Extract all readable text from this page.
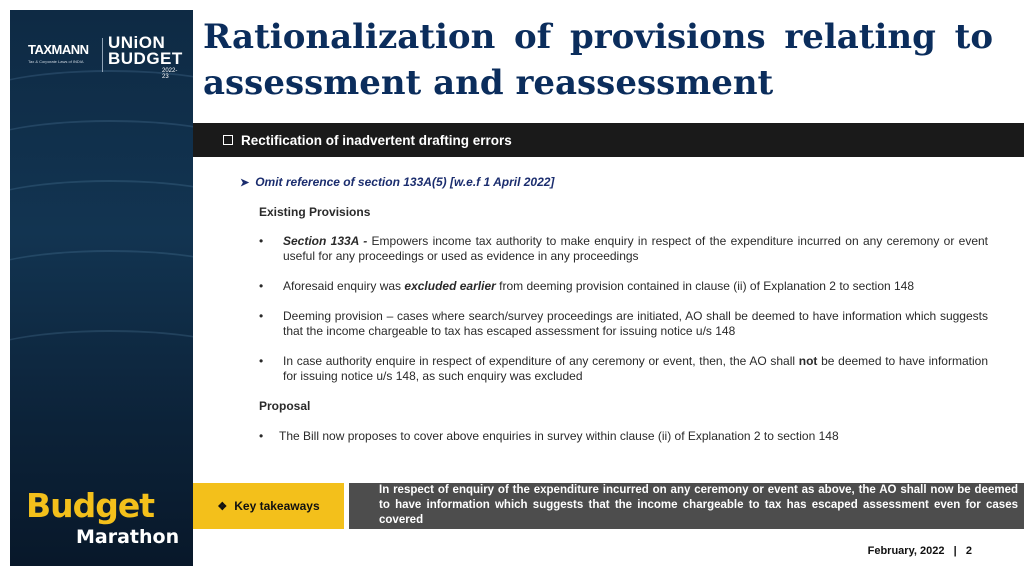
TAXMANN
Tax & Corporate Laws of INDIA
UNiON
BUDGET
2022-23
Budget
Marathon
Rationalization of provisions relating to assessment and reassessment
Rectification of inadvertent drafting errors
➤ Omit reference of section 133A(5) [w.e.f 1 April 2022]
Existing Provisions
• Section 133A - Empowers income tax authority to make enquiry in respect of the expenditure incurred on any ceremony or event useful for any proceedings or used as evidence in any proceedings
• Aforesaid enquiry was excluded earlier from deeming provision contained in clause (ii) of Explanation 2 to section 148
• Deeming provision – cases where search/survey proceedings are initiated, AO shall be deemed to have information which suggests that the income chargeable to tax has escaped assessment for issuing notice u/s 148
• In case authority enquire in respect of expenditure of any ceremony or event, then, the AO shall not be deemed to have information for issuing notice u/s 148, as such enquiry was excluded
Proposal
• The Bill now proposes to cover above enquiries in survey within clause (ii) of Explanation 2 to section 148
❖ Key takeaways
In respect of enquiry of the expenditure incurred on any ceremony or event as above, the AO shall now be deemed to have information which suggests that the income chargeable to tax has escaped assessment even for cases covered
February, 2022 | 2
